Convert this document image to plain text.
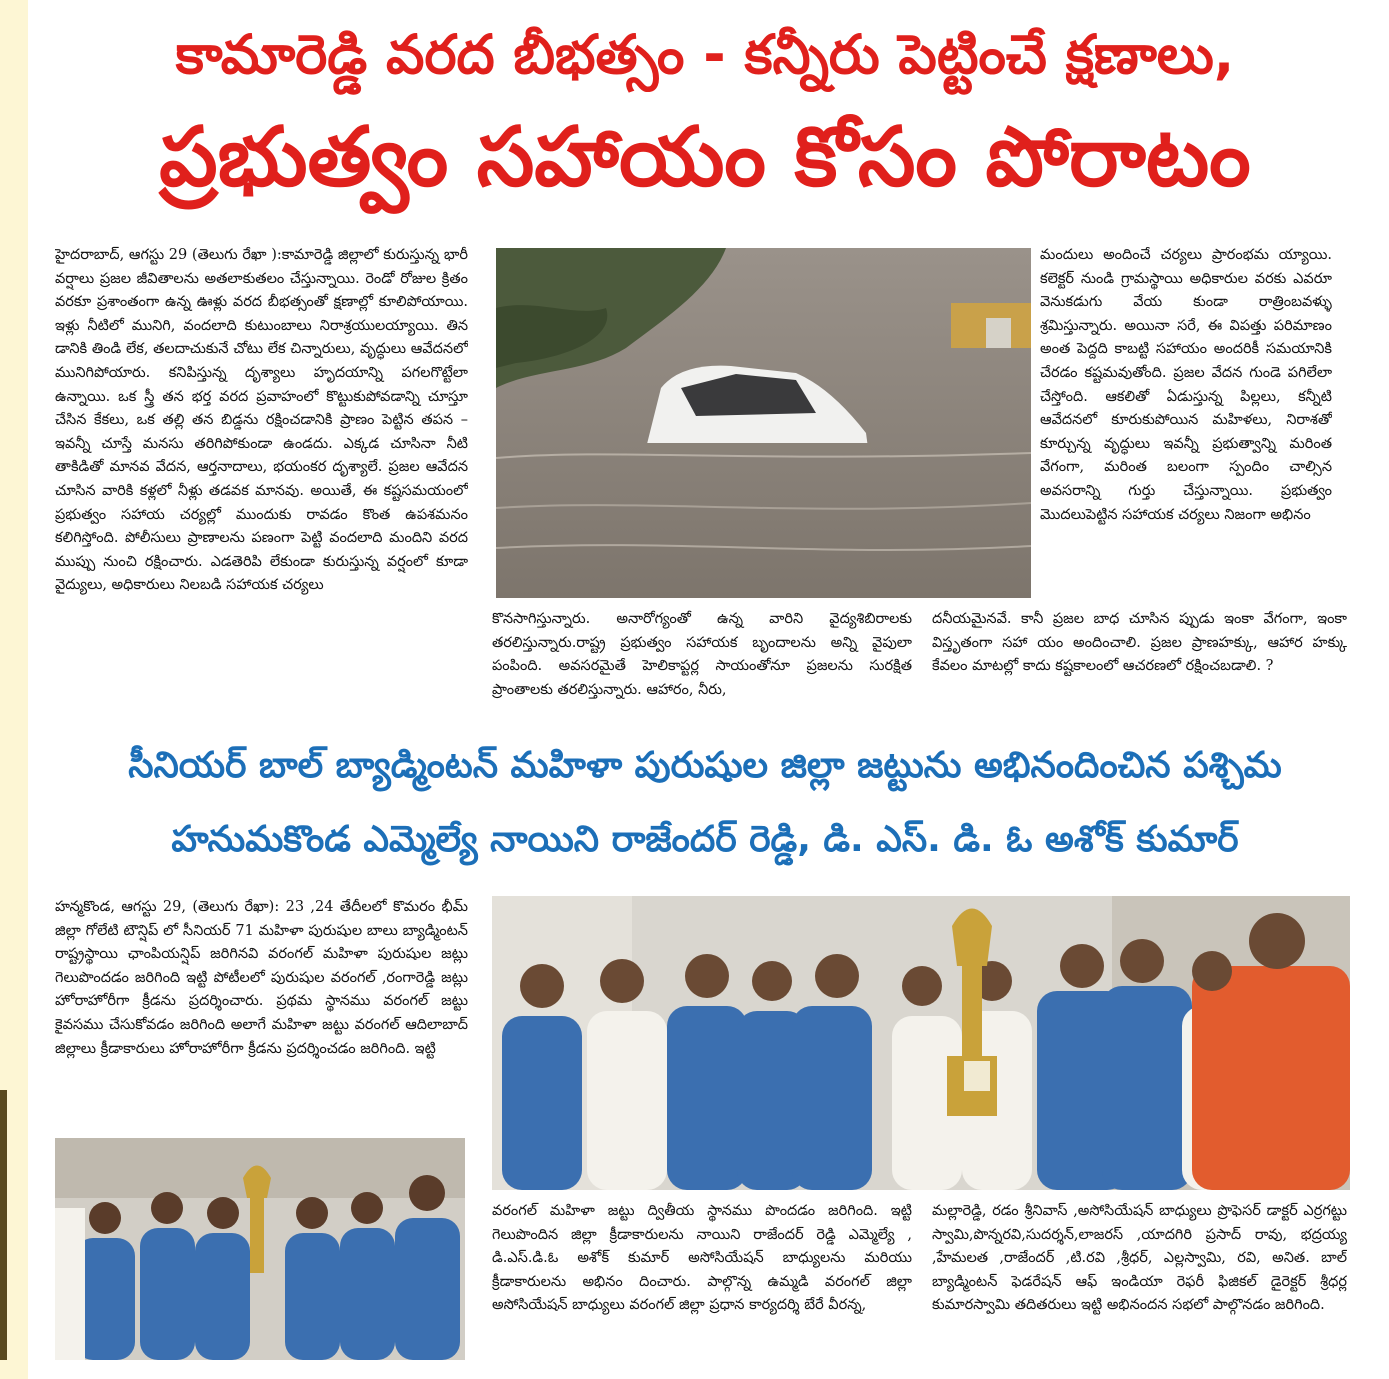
కామారెడ్డి వరద బీభత్సం - కన్నీరు పెట్టించే క్షణాలు,
ప్రభుత్వం సహాయం కోసం పోరాటం
హైదరాబాద్, ఆగస్టు 29 (తెలుగు రేఖా ):కామారెడ్డి జిల్లాలో కురుస్తున్న భారీ వర్షాలు ప్రజల జీవితాలను అతలాకుతలం చేస్తున్నాయి. రెండో రోజుల క్రితం వరకూ ప్రశాంతంగా ఉన్న ఊళ్లు వరద బీభత్సంతో క్షణాల్లో కూలిపోయాయి. ఇళ్లు నీటిలో మునిగి, వందలాది కుటుంబాలు నిరాశ్రయులయ్యాయి. తిన డానికి తిండి లేక, తలదాచుకునే చోటు లేక చిన్నారులు, వృద్ధులు ఆవేదనలో మునిగిపోయారు. కనిపిస్తున్న దృశ్యాలు హృదయాన్ని పగలగొట్టేలా ఉన్నాయి. ఒక స్త్రీ తన భర్త వరద ప్రవాహంలో కొట్టుకుపోవడాన్ని చూస్తూ చేసిన కేకలు, ఒక తల్లి తన బిడ్డను రక్షించడానికి ప్రాణం పెట్టిన తపన – ఇవన్నీ చూస్తే మనసు తరిగిపోకుండా ఉండదు. ఎక్కడ చూసినా నీటి తాకిడితో మానవ వేదన, ఆర్తనాదాలు, భయంకర దృశ్యాలే. ప్రజల ఆవేదన చూసిన వారికి కళ్లలో నీళ్లు తడవక మానవు. అయితే, ఈ కష్టసమయంలో ప్రభుత్వం సహాయ చర్యల్లో ముందుకు రావడం కొంత ఉపశమనం కలిగిస్తోంది. పోలీసులు ప్రాణాలను పణంగా పెట్టి వందలాది మందిని వరద ముప్పు నుంచి రక్షించారు. ఎడతెరిపి లేకుండా కురుస్తున్న వర్షంలో కూడా వైద్యులు, అధికారులు నిలబడి సహాయక చర్యలు
మందులు అందించే చర్యలు ప్రారంభమ య్యాయి. కలెక్టర్ నుండి గ్రామస్థాయి అధికారుల వరకు ఎవరూ వెనుకడుగు వేయ కుండా రాత్రింబవళ్ళు శ్రమిస్తున్నారు. అయినా సరే, ఈ విపత్తు పరిమాణం అంత పెద్దది కాబట్టి సహాయం అందరికీ సమయానికి చేరడం కష్టమవుతోంది. ప్రజల వేదన గుండె పగిలేలా చేస్తోంది. ఆకలితో ఏడుస్తున్న పిల్లలు, కన్నీటి ఆవేదనలో కూరుకుపోయిన మహిళలు, నిరాశతో కూర్చున్న వృద్ధులు ఇవన్నీ ప్రభుత్వాన్ని మరింత వేగంగా, మరింత బలంగా స్పందిం చాల్సిన అవసరాన్ని గుర్తు చేస్తున్నాయి. ప్రభుత్వం మొదలుపెట్టిన సహాయక చర్యలు నిజంగా అభినం
కొనసాగిస్తున్నారు. అనారోగ్యంతో ఉన్న వారిని వైద్యశిబిరాలకు తరలిస్తున్నారు.రాష్ట్ర ప్రభుత్వం సహాయక బృందాలను అన్ని వైపులా పంపింది. అవసరమైతే హెలికాప్టర్ల సాయంతోనూ ప్రజలను సురక్షిత ప్రాంతాలకు తరలిస్తున్నారు. ఆహారం, నీరు,
దనీయమైనవే. కానీ ప్రజల బాధ చూసిన ప్పుడు ఇంకా వేగంగా, ఇంకా విస్తృతంగా సహా యం అందించాలి. ప్రజల ప్రాణహక్కు, ఆహార హక్కు కేవలం మాటల్లో కాదు కష్టకాలంలో ఆచరణలో రక్షించబడాలి. ?
సీనియర్ బాల్ బ్యాడ్మింటన్ మహిళా పురుషుల జిల్లా జట్టును అభినందించిన పశ్చిమ
హనుమకొండ ఎమ్మెల్యే నాయిని రాజేందర్ రెడ్డి, డి. ఎస్. డి. ఓ అశోక్ కుమార్
హన్మకొండ, ఆగస్టు 29, (తెలుగు రేఖా): 23 ,24 తేదీలలో కొమరం భీమ్ జిల్లా గోలేటి టౌన్షిప్ లో సీనియర్ 71 మహిళా పురుషుల బాలు బ్యాడ్మింటన్ రాష్ట్రస్థాయి ఛాంపియన్షిప్ జరిగినవి వరంగల్ మహిళా పురుషుల జట్లు గెలుపొందడం జరిగింది ఇట్టి పోటీలలో పురుషుల వరంగల్ ,రంగారెడ్డి జట్లు హోరాహోరీగా క్రీడను ప్రదర్శించారు. ప్రథమ స్థానము వరంగల్ జట్టు కైవసము చేసుకోవడం జరిగింది అలాగే మహిళా జట్టు వరంగల్ ఆదిలాబాద్ జిల్లాలు క్రీడాకారులు హోరాహోరీగా క్రీడను ప్రదర్శించడం జరిగింది. ఇట్టి
వరంగల్ మహిళా జట్టు ద్వితీయ స్థానము పొందడం జరిగింది. ఇట్టి గెలుపొందిన జిల్లా క్రీడాకారులను నాయిని రాజేందర్ రెడ్డి ఎమ్మెల్యే , డి.ఎస్.డి.ఓ అశోక్ కుమార్ అసోసియేషన్ బాధ్యులను మరియు క్రీడాకారులను అభినం దించారు. పాల్గొన్న ఉమ్మడి వరంగల్ జిల్లా అసోసియేషన్ బాధ్యులు వరంగల్ జిల్లా ప్రధాన కార్యదర్శి బేరే వీరన్న,
మల్లారెడ్డి, రడం శ్రీనివాస్ ,అసోసియేషన్ బాధ్యులు ప్రొఫెసర్ డాక్టర్ ఎర్రగట్టు స్వామి,పొన్నరవి,సుదర్శన్,లాజరస్ ,యాదగిరి ప్రసాద్ రావు, భద్రయ్య ,హేమలత ,రాజేందర్ ,టి.రవి ,శ్రీధర్, ఎల్లస్వామి, రవి, అనిత. బాల్ బ్యాడ్మింటన్ ఫెడరేషన్ ఆఫ్ ఇండియా రెఫరీ ఫిజికల్ డైరెక్టర్ శ్రీధర్ల కుమారస్వామి తదితరులు ఇట్టి అభినందన సభలో పాల్గొనడం జరిగింది.
